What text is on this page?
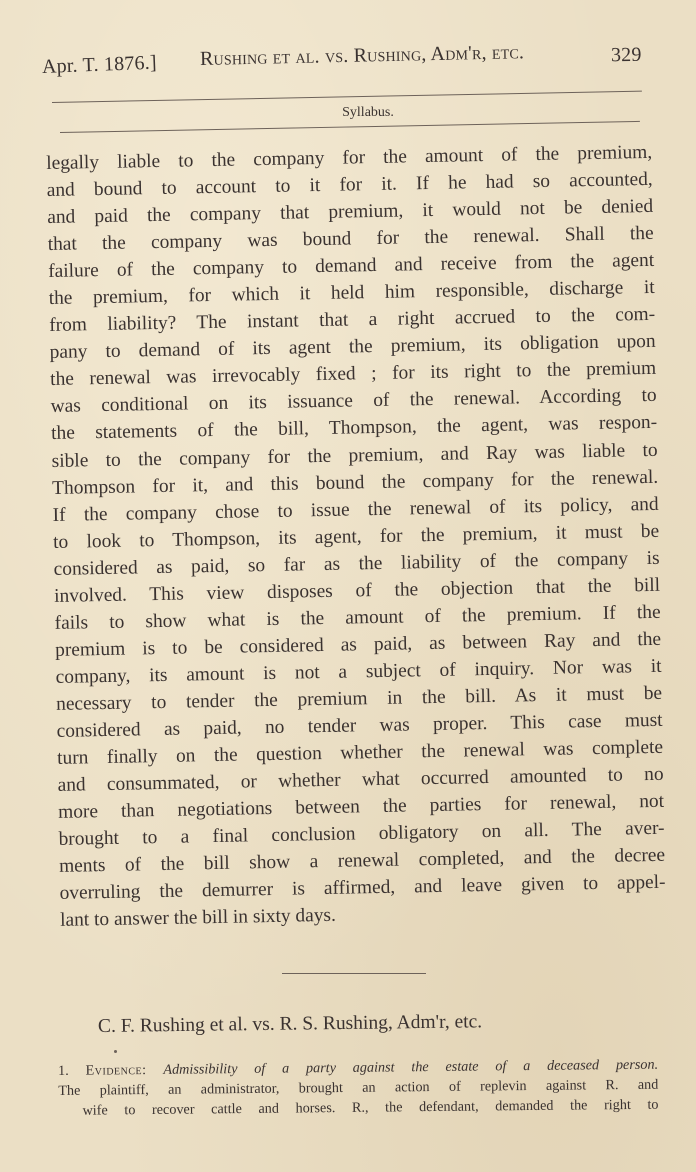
Apr. T. 1876.] Rushing et al. vs. Rushing, Adm'r, etc.	329
Syllabus.
legally liable to the company for the amount of the premium,
and bound to account to it for it. If he had so accounted,
and paid the company that premium, it would not be denied
that the company was bound for the renewal. Shall the
failure of the company to demand and receive from the agent
the premium, for which it held him responsible, discharge it
from liability? The instant that a right accrued to the com-
pany to demand of its agent the premium, its obligation upon
the renewal was irrevocably fixed ; for its right to the premium
was conditional on its issuance of the renewal. According to
the statements of the bill, Thompson, the agent, was respon-
sible to the company for the premium, and Ray was liable to
Thompson for it, and this bound the company for the renewal.
If the company chose to issue the renewal of its policy, and
to look to Thompson, its agent, for the premium, it must be
considered as paid, so far as the liability of the company is
involved. This view disposes of the objection that the bill
fails to show what is the amount of the premium. If the
premium is to be considered as paid, as between Ray and the
company, its amount is not a subject of inquiry. Nor was it
necessary to tender the premium in the bill. As it must be
considered as paid, no tender was proper. This case must
turn finally on the question whether the renewal was complete
and consummated, or whether what occurred amounted to no
more than negotiations between the parties for renewal, not
brought to a final conclusion obligatory on all. The aver-
ments of the bill show a renewal completed, and the decree
overruling the demurrer is affirmed, and leave given to appel-
lant to answer the bill in sixty days.
C. F. Rushing et al. vs. R. S. Rushing, Adm'r, etc.
1. Evidence: Admissibility of a party against the estate of a deceased person.
The plaintiff, an administrator, brought an action of replevin against R. and
wife to recover cattle and horses. R., the defendant, demanded the right to
